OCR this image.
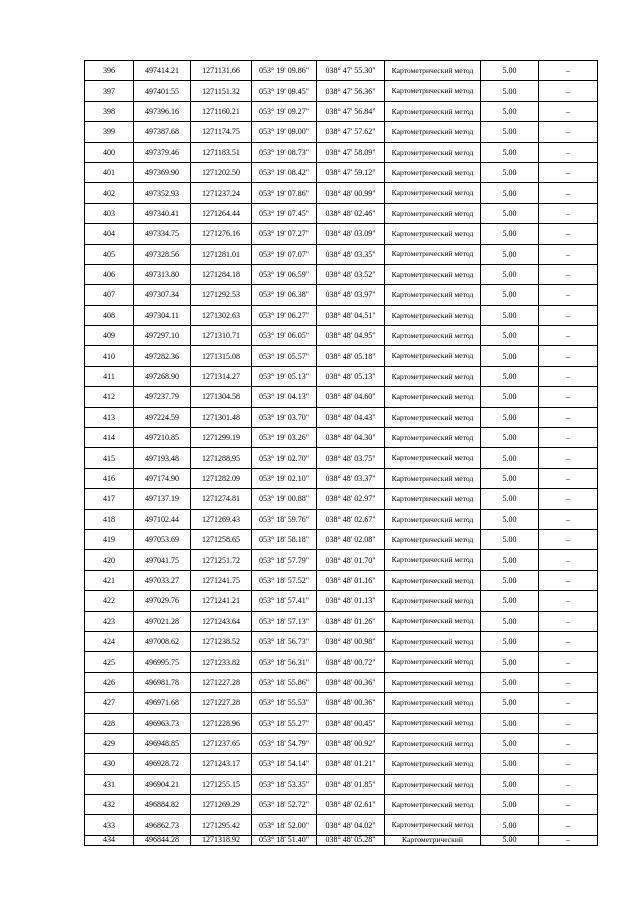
396	497414.21	1271131.66	053° 19' 09.86"	038° 47' 55.30"	Картометрический метод	5.00	–
397	497401.55	1271151.32	053° 19' 09.45"	038° 47' 56.36"	Картометрический метод	5.00	–
398	497396.16	1271160.21	053° 19' 09.27"	038° 47' 56.84"	Картометрический метод	5.00	–
399	497387.68	1271174.75	053° 19' 09.00"	038° 47' 57.62"	Картометрический метод	5.00	–
400	497379.46	1271183.51	053° 19' 08.73"	038° 47' 58.09"	Картометрический метод	5.00	–
401	497369.90	1271202.50	053° 19' 08.42"	038° 47' 59.12"	Картометрический метод	5.00	–
402	497352.93	1271237.24	053° 19' 07.86"	038° 48' 00.99"	Картометрический метод	5.00	–
403	497340.41	1271264.44	053° 19' 07.45"	038° 48' 02.46"	Картометрический метод	5.00	–
404	497334.75	1271276.16	053° 19' 07.27"	038° 48' 03.09"	Картометрический метод	5.00	–
405	497328.56	1271281.01	053° 19' 07.07"	038° 48' 03.35"	Картометрический метод	5.00	–
406	497313.80	1271284.18	053° 19' 06.59"	038° 48' 03.52"	Картометрический метод	5.00	–
407	497307.34	1271292.53	053° 19' 06.38"	038° 48' 03.97"	Картометрический метод	5.00	–
408	497304.11	1271302.63	053° 19' 06.27"	038° 48' 04.51"	Картометрический метод	5.00	–
409	497297.10	1271310.71	053° 19' 06.05"	038° 48' 04.95"	Картометрический метод	5.00	–
410	497282.36	1271315.08	053° 19' 05.57"	038° 48' 05.18"	Картометрический метод	5.00	–
411	497268.90	1271314.27	053° 19' 05.13"	038° 48' 05.13"	Картометрический метод	5.00	–
412	497237.79	1271304.58	053° 19' 04.13"	038° 48' 04.60"	Картометрический метод	5.00	–
413	497224.59	1271301.48	053° 19' 03.70"	038° 48' 04.43"	Картометрический метод	5.00	–
414	497210.85	1271299.19	053° 19' 03.26"	038° 48' 04.30"	Картометрический метод	5.00	–
415	497193.48	1271288.95	053° 19' 02.70"	038° 48' 03.75"	Картометрический метод	5.00	–
416	497174.90	1271282.09	053° 19' 02.10"	038° 48' 03.37"	Картометрический метод	5.00	–
417	497137.19	1271274.81	053° 19' 00.88"	038° 48' 02.97"	Картометрический метод	5.00	–
418	497102.44	1271269.43	053° 18' 59.76"	038° 48' 02.67"	Картометрический метод	5.00	–
419	497053.69	1271258.65	053° 18' 58.18"	038° 48' 02.08"	Картометрический метод	5.00	–
420	497041.75	1271251.72	053° 18' 57.79"	038° 48' 01.70"	Картометрический метод	5.00	–
421	497033.27	1271241.75	053° 18' 57.52"	038° 48' 01.16"	Картометрический метод	5.00	–
422	497029.76	1271241.21	053° 18' 57.41"	038° 48' 01.13"	Картометрический метод	5.00	–
423	497021.28	1271243.64	053° 18' 57.13"	038° 48' 01.26"	Картометрический метод	5.00	–
424	497008.62	1271238.52	053° 18' 56.73"	038° 48' 00.98"	Картометрический метод	5.00	–
425	496995.75	1271233.82	053° 18' 56.31"	038° 48' 00.72"	Картометрический метод	5.00	–
426	496981.78	1271227.28	053° 18' 55.86"	038° 48' 00.36"	Картометрический метод	5.00	–
427	496971.68	1271227.28	053° 18' 55.53"	038° 48' 00.36"	Картометрический метод	5.00	–
428	496963.73	1271228.96	053° 18' 55.27"	038° 48' 00.45"	Картометрический метод	5.00	–
429	496948.85	1271237.65	053° 18' 54.79"	038° 48' 00.92"	Картометрический метод	5.00	–
430	496928.72	1271243.17	053° 18' 54.14"	038° 48' 01.21"	Картометрический метод	5.00	–
431	496904.21	1271255.15	053° 18' 53.35"	038° 48' 01.85"	Картометрический метод	5.00	–
432	496884.82	1271269.29	053° 18' 52.72"	038° 48' 02.61"	Картометрический метод	5.00	–
433	496862.73	1271295.42	053° 18' 52.00"	038° 48' 04.02"	Картометрический метод	5.00	–
434	496844.28	1271318.92	053° 18' 51.40"	038° 48' 05.28"	Картометрический	5.00	–
